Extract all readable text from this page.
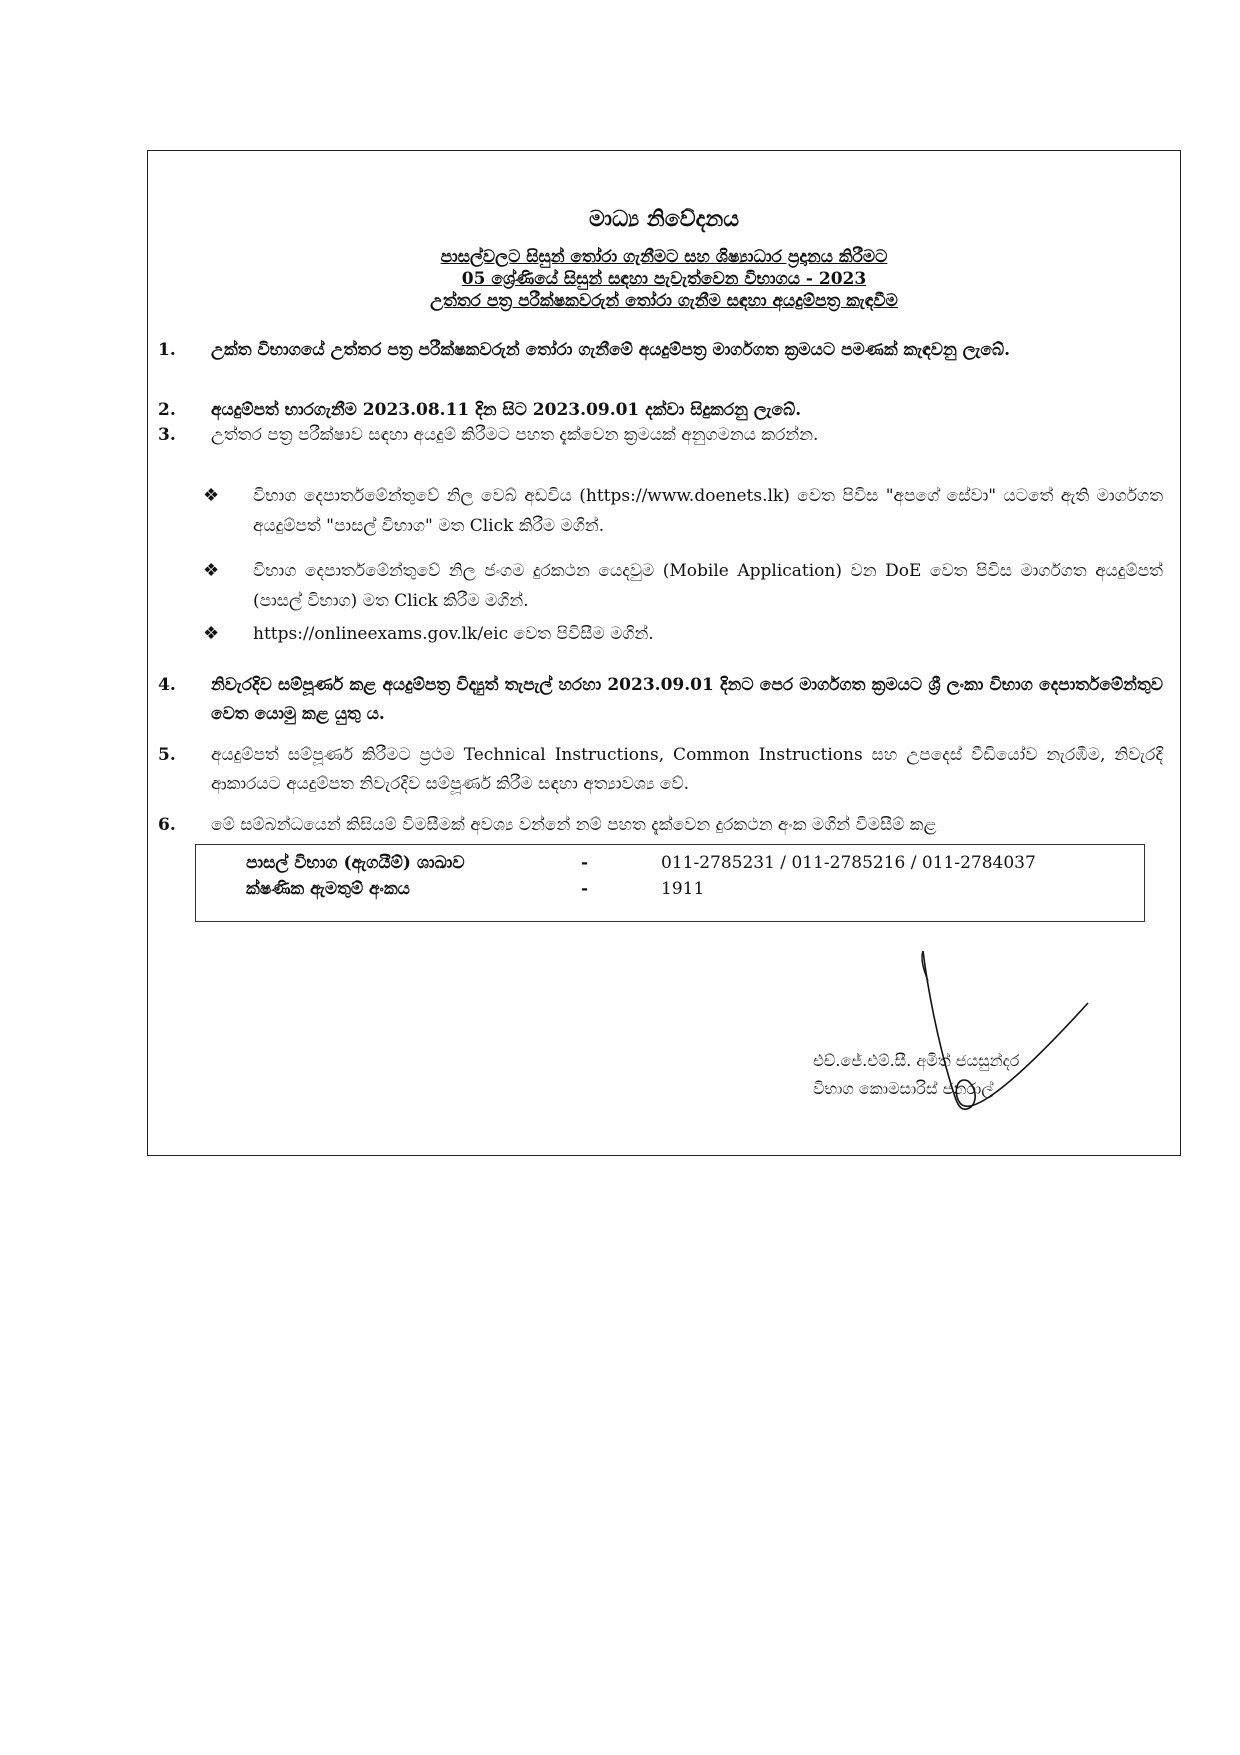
මාධ්‍ය නිවේදනය
පාසල්වලට සිසුන් තෝරා ගැනීමට සහ ශිෂ්‍යාධාර ප්‍රදානය කිරීමට
05 ශ්‍රේණියේ සිසුන් සඳහා පැවැත්වෙන විභාගය - 2023
උත්තර පත්‍ර පරීක්ෂකවරුන් තෝරා ගැනීම සඳහා අයදුම්පත්‍ර කැඳවීම
1.	උක්ත විභාගයේ උත්තර පත්‍ර පරීක්ෂකවරුන් තෝරා ගැනීමේ අයදුම්පත්‍ර මාර්ගගත ක්‍රමයට පමණක් කැඳවනු ලැබේ.
2.	අයදුම්පත් භාරගැනීම 2023.08.11 දින සිට 2023.09.01 දක්වා සිදුකරනු ලැබේ.
3.	උත්තර පත්‍ර පරීක්ෂාව සඳහා අයදුම් කිරීමට පහත දැක්වෙන ක්‍රමයක් අනුගමනය කරන්න.
❖ විභාග දෙපාර්තමේන්තුවේ නිල වෙබ් අඩවිය (https://www.doenets.lk) වෙත පිවිස "අපගේ සේවා" යටතේ ඇති මාර්ගගත අයදුම්පත් "පාසල් විභාග" මත Click කිරීම මගින්.
❖ විභාග දෙපාර්තමේන්තුවේ නිල ජංගම දුරකථන යෙදවුම (Mobile Application) වන DoE වෙත පිවිස මාර්ගගත අයදුම්පත් (පාසල් විභාග) මත Click කිරීම මගින්.
❖ https://onlineexams.gov.lk/eic වෙත පිවිසීම මගින්.
4.	නිවැරදිව සම්පූර්ණ කළ අයදුම්පත්‍ර විද්‍යුත් තැපැල් හරහා 2023.09.01 දිනට පෙර මාර්ගගත ක්‍රමයට ශ්‍රී ලංකා විභාග දෙපාර්තමේන්තුව වෙත යොමු කළ යුතු ය.
5.	අයදුම්පත් සම්පූර්ණ කිරීමට ප්‍රථම Technical Instructions, Common Instructions සහ උපදෙස් වීඩියෝව නැරඹීම, නිවැරදි ආකාරයට අයදුම්පත නිවැරදිව සම්පූර්ණ කිරීම සඳහා අත්‍යාවශ්‍ය වේ.
6.	මේ සම්බන්ධයෙන් කිසියම් විමසීමක් අවශ්‍ය වන්නේ නම් පහත දැක්වෙන දුරකථන අංක මගින් විමසීම් කළ
පාසල් විභාග (ඇගයීම්) ශාඛාව	-	011-2785231 / 011-2785216 / 011-2784037
ක්ෂණික ඇමතුම් අංකය	-	1911
එච්.ජේ.එම්.සී. අමිත් ජයසුන්දර
විභාග කොමසාරිස් ජනරාල්
